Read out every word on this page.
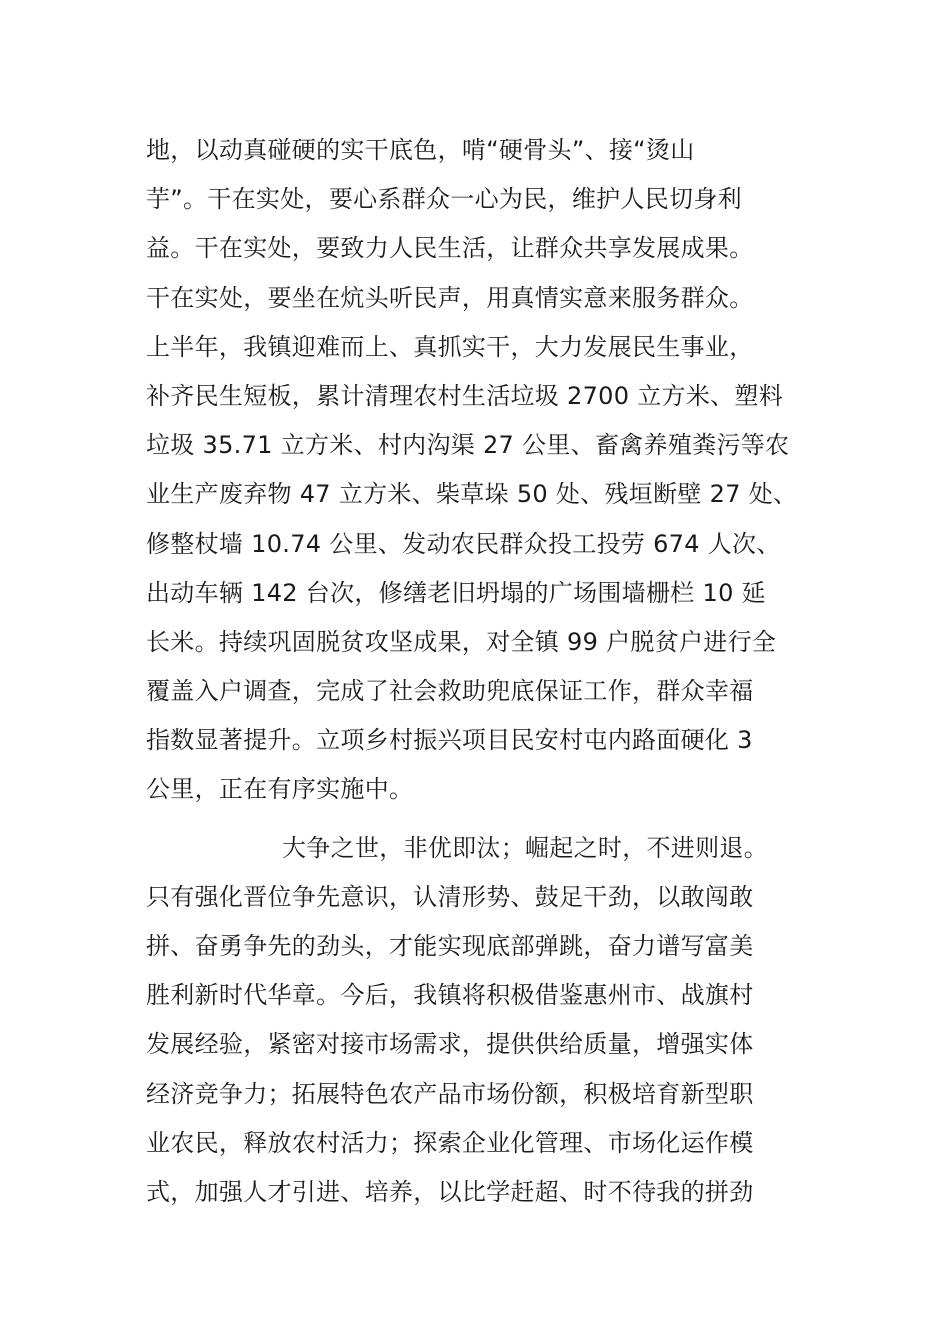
地，以动真碰硬的实干底色，啃“硬骨头”、接“烫山
芋”。干在实处，要心系群众一心为民，维护人民切身利
益。干在实处，要致力人民生活，让群众共享发展成果。
干在实处，要坐在炕头听民声，用真情实意来服务群众。
上半年，我镇迎难而上、真抓实干，大力发展民生事业，
补齐民生短板，累计清理农村生活垃圾 2700 立方米、塑料
垃圾 35.71 立方米、村内沟渠 27 公里、畜禽养殖粪污等农
业生产废弃物 47 立方米、柴草垛 50 处、残垣断壁 27 处、
修整杖墙 10.74 公里、发动农民群众投工投劳 674 人次、
出动车辆 142 台次，修缮老旧坍塌的广场围墙栅栏 10 延
长米。持续巩固脱贫攻坚成果，对全镇 99 户脱贫户进行全
覆盖入户调查，完成了社会救助兜底保证工作，群众幸福
指数显著提升。立项乡村振兴项目民安村屯内路面硬化 3
公里，正在有序实施中。
大争之世，非优即汰；崛起之时，不进则退。
只有强化晋位争先意识，认清形势、鼓足干劲，以敢闯敢
拼、奋勇争先的劲头，才能实现底部弹跳，奋力谱写富美
胜利新时代华章。今后，我镇将积极借鉴惠州市、战旗村
发展经验，紧密对接市场需求，提供供给质量，增强实体
经济竞争力；拓展特色农产品市场份额，积极培育新型职
业农民，释放农村活力；探索企业化管理、市场化运作模
式，加强人才引进、培养，以比学赶超、时不待我的拼劲
